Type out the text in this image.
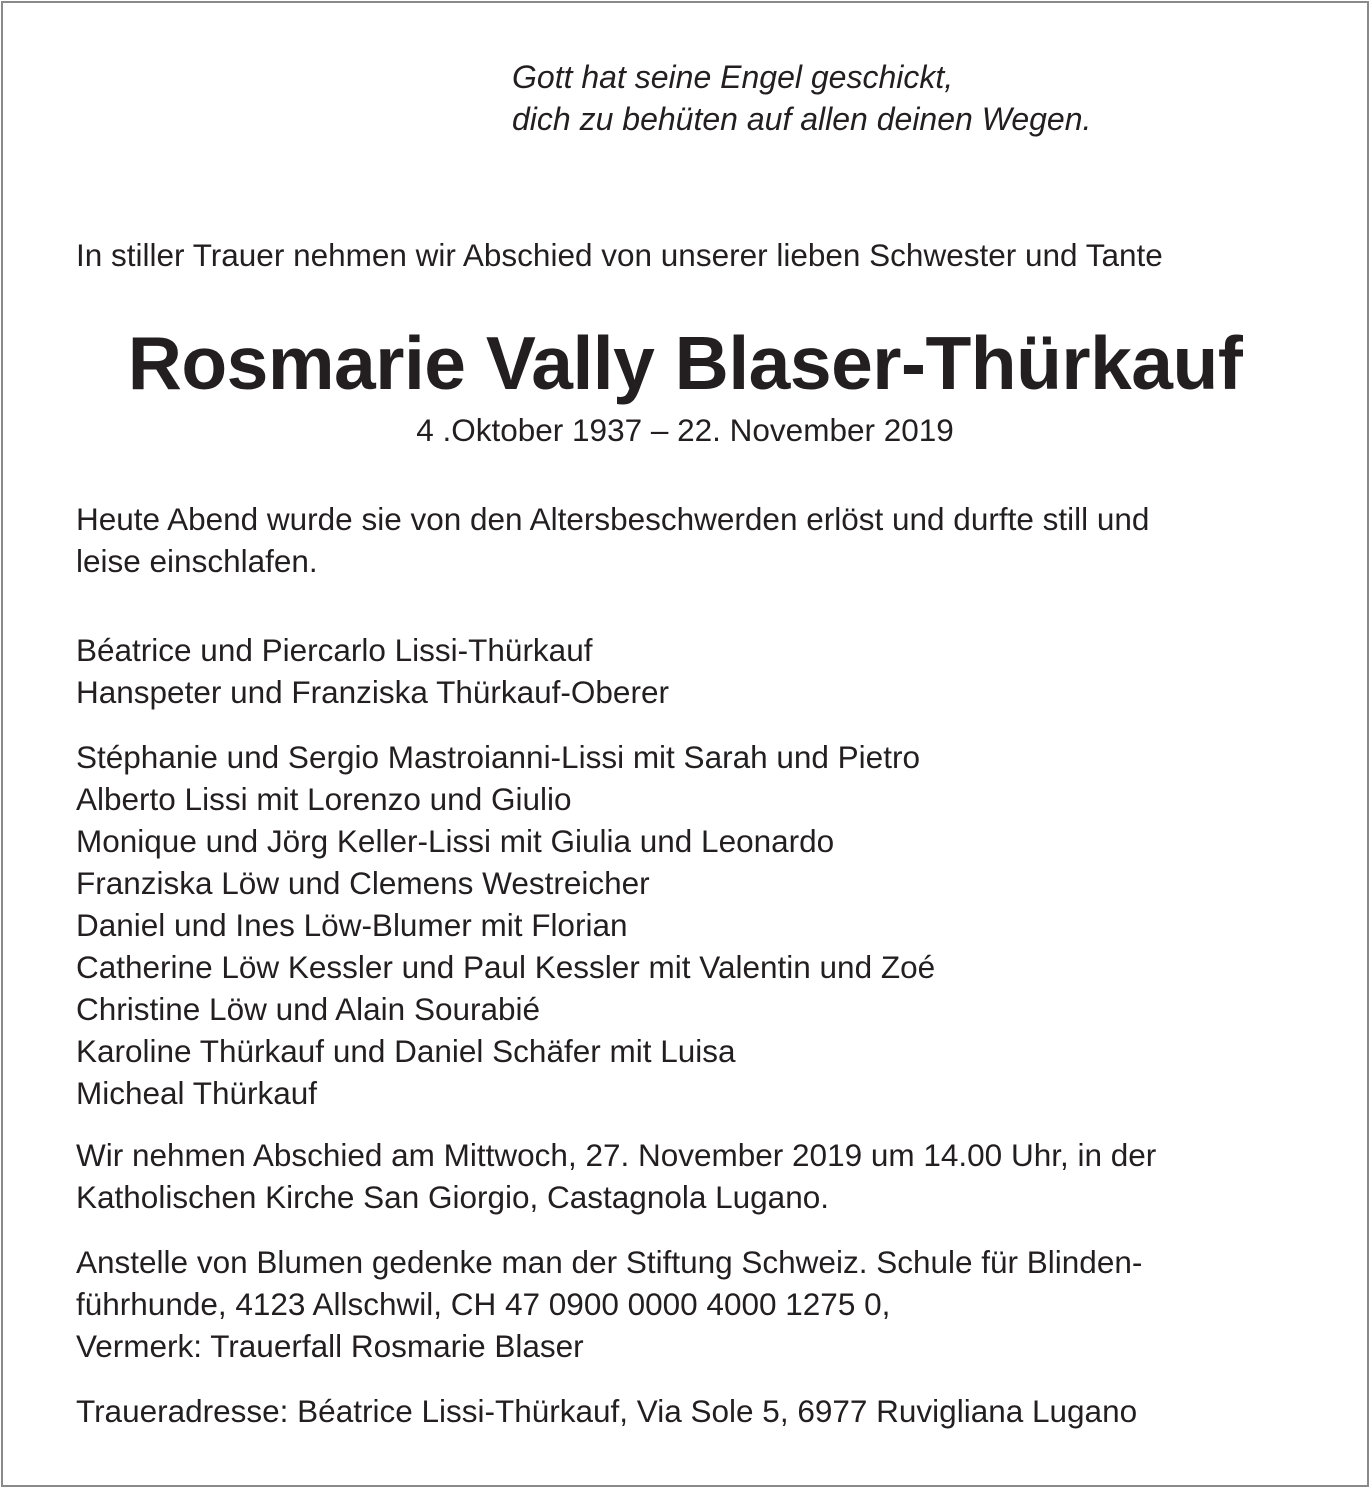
Gott hat seine Engel geschickt,
dich zu behüten auf allen deinen Wegen.
In stiller Trauer nehmen wir Abschied von unserer lieben Schwester und Tante
Rosmarie Vally Blaser-Thürkauf
4 .Oktober 1937 – 22. November 2019
Heute Abend wurde sie von den Altersbeschwerden erlöst und durfte still und
leise einschlafen.
Béatrice und Piercarlo Lissi-Thürkauf
Hanspeter und Franziska Thürkauf-Oberer
Stéphanie und Sergio Mastroianni-Lissi mit Sarah und Pietro
Alberto Lissi mit Lorenzo und Giulio
Monique und Jörg Keller-Lissi mit Giulia und Leonardo
Franziska Löw und Clemens Westreicher
Daniel und Ines Löw-Blumer mit Florian
Catherine Löw Kessler und Paul Kessler mit Valentin und Zoé
Christine Löw und Alain Sourabié
Karoline Thürkauf und Daniel Schäfer mit Luisa
Micheal Thürkauf
Wir nehmen Abschied am Mittwoch, 27. November 2019 um 14.00 Uhr, in der
Katholischen Kirche San Giorgio, Castagnola Lugano.
Anstelle von Blumen gedenke man der Stiftung Schweiz. Schule für Blinden-
führhunde, 4123 Allschwil, CH 47 0900 0000 4000 1275 0,
Vermerk: Trauerfall Rosmarie Blaser
Traueradresse: Béatrice Lissi-Thürkauf, Via Sole 5, 6977 Ruvigliana Lugano
